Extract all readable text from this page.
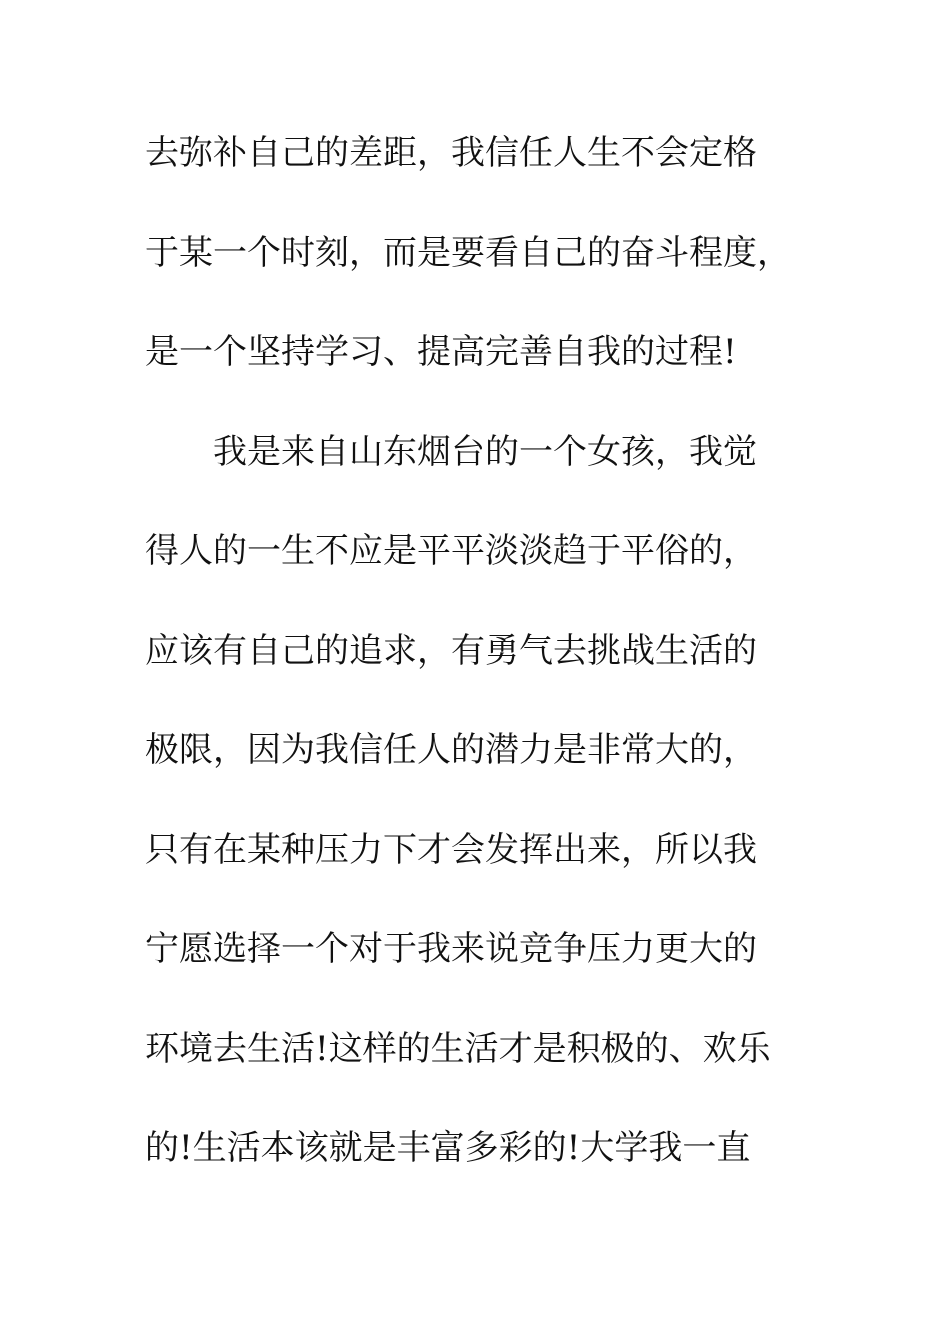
去弥补自己的差距，我信任人生不会定格
于某一个时刻，而是要看自己的奋斗程度，
是一个坚持学习、提高完善自我的过程!
我是来自山东烟台的一个女孩，我觉
得人的一生不应是平平淡淡趋于平俗的，
应该有自己的追求，有勇气去挑战生活的
极限，因为我信任人的潜力是非常大的，
只有在某种压力下才会发挥出来，所以我
宁愿选择一个对于我来说竞争压力更大的
环境去生活!这样的生活才是积极的、欢乐
的!生活本该就是丰富多彩的!大学我一直
